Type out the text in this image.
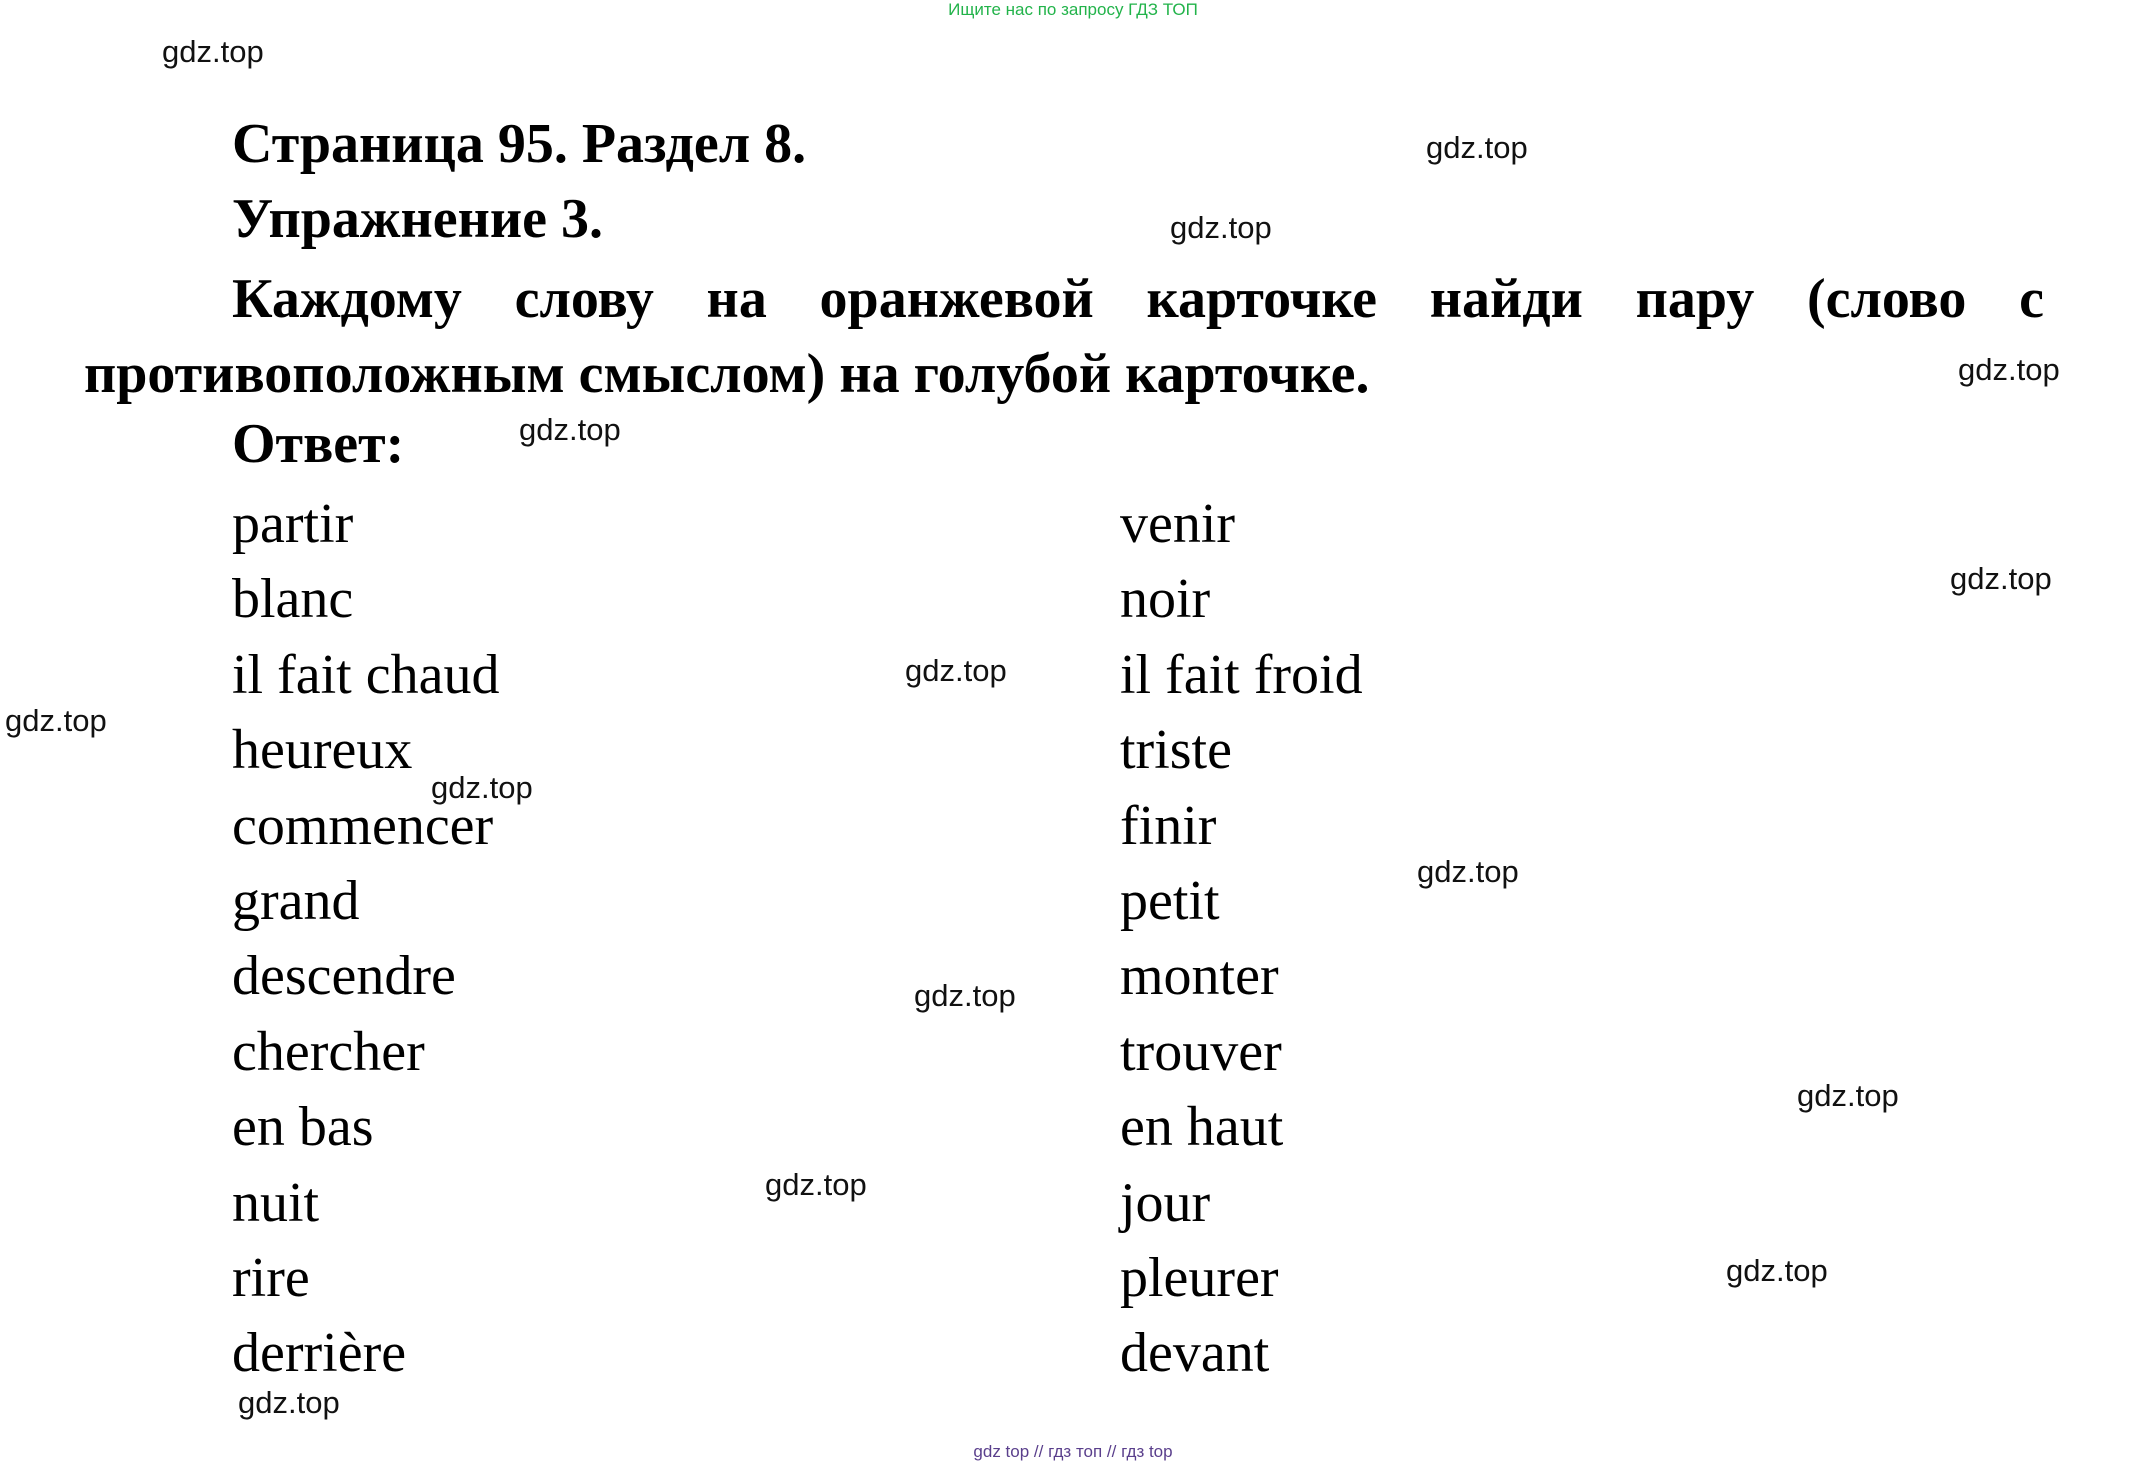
Ищите нас по запросу ГДЗ ТОП
Страница 95. Раздел 8.
Упражнение 3.
Каждому слову на оранжевой карточке найди пару (слово с противоположным смыслом) на голубой карточке.
Ответ:
partir
blanc
il fait chaud
heureux
commencer
grand
descendre
chercher
en bas
nuit
rire
derrière
venir
noir
il fait froid
triste
finir
petit
monter
trouver
en haut
jour
pleurer
devant
gdz.top
gdz.top
gdz.top
gdz.top
gdz.top
gdz.top
gdz.top
gdz.top
gdz.top
gdz.top
gdz.top
gdz.top
gdz.top
gdz.top
gdz.top
gdz top // гдз топ // гдз top
